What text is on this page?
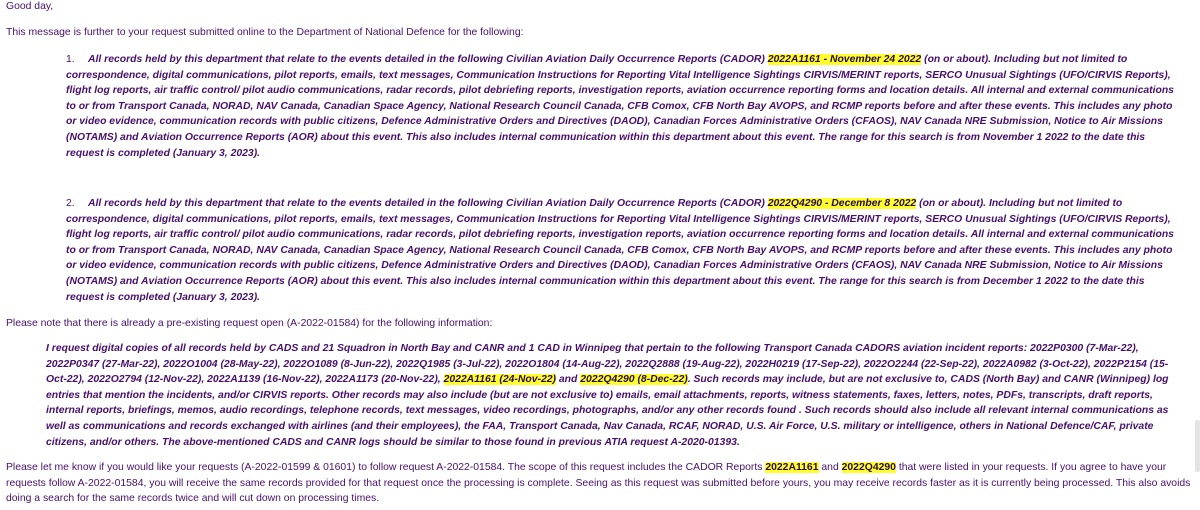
Good day,

This message is further to your request submitted online to the Department of National Defence for the following:

1. All records held by this department that relate to the events detailed in the following Civilian Aviation Daily Occurrence Reports (CADOR) 2022A1161 - November 24 2022 (on or about). Including but not limited to correspondence, digital communications, pilot reports, emails, text messages, Communication Instructions for Reporting Vital Intelligence Sightings CIRVIS/MERINT reports, SERCO Unusual Sightings (UFO/CIRVIS Reports), flight log reports, air traffic control/ pilot audio communications, radar records, pilot debriefing reports, investigation reports, aviation occurrence reporting forms and location details. All internal and external communications to or from Transport Canada, NORAD, NAV Canada, Canadian Space Agency, National Research Council Canada, CFB Comox, CFB North Bay AVOPS, and RCMP reports before and after these events. This includes any photo or video evidence, communication records with public citizens, Defence Administrative Orders and Directives (DAOD), Canadian Forces Administrative Orders (CFAOS), NAV Canada NRE Submission, Notice to Air Missions (NOTAMS) and Aviation Occurrence Reports (AOR) about this event. This also includes internal communication within this department about this event. The range for this search is from November 1 2022 to the date this request is completed (January 3, 2023).

2. All records held by this department that relate to the events detailed in the following Civilian Aviation Daily Occurrence Reports (CADOR) 2022Q4290 - December 8 2022 (on or about). Including but not limited to correspondence, digital communications, pilot reports, emails, text messages, Communication Instructions for Reporting Vital Intelligence Sightings CIRVIS/MERINT reports, SERCO Unusual Sightings (UFO/CIRVIS Reports), flight log reports, air traffic control/ pilot audio communications, radar records, pilot debriefing reports, investigation reports, aviation occurrence reporting forms and location details. All internal and external communications to or from Transport Canada, NORAD, NAV Canada, Canadian Space Agency, National Research Council Canada, CFB Comox, CFB North Bay AVOPS, and RCMP reports before and after these events. This includes any photo or video evidence, communication records with public citizens, Defence Administrative Orders and Directives (DAOD), Canadian Forces Administrative Orders (CFAOS), NAV Canada NRE Submission, Notice to Air Missions (NOTAMS) and Aviation Occurrence Reports (AOR) about this event. This also includes internal communication within this department about this event. The range for this search is from December 1 2022 to the date this request is completed (January 3, 2023).

Please note that there is already a pre-existing request open (A-2022-01584) for the following information:

I request digital copies of all records held by CADS and 21 Squadron in North Bay and CANR and 1 CAD in Winnipeg that pertain to the following Transport Canada CADORS aviation incident reports: 2022P0300 (7-Mar-22), 2022P0347 (27-Mar-22), 2022O1004 (28-May-22), 2022O1089 (8-Jun-22), 2022Q1985 (3-Jul-22), 2022O1804 (14-Aug-22), 2022Q2888 (19-Aug-22), 2022H0219 (17-Sep-22), 2022O2244 (22-Sep-22), 2022A0982 (3-Oct-22), 2022P2154 (15-Oct-22), 2022O2794 (12-Nov-22), 2022A1139 (16-Nov-22), 2022A1173 (20-Nov-22), 2022A1161 (24-Nov-22) and 2022Q4290 (8-Dec-22). Such records may include, but are not exclusive to, CADS (North Bay) and CANR (Winnipeg) log entries that mention the incidents, and/or CIRVIS reports. Other records may also include (but are not exclusive to) emails, email attachments, reports, witness statements, faxes, letters, notes, PDFs, transcripts, draft reports, internal reports, briefings, memos, audio recordings, telephone records, text messages, video recordings, photographs, and/or any other records found . Such records should also include all relevant internal communications as well as communications and records exchanged with airlines (and their employees), the FAA, Transport Canada, Nav Canada, RCAF, NORAD, U.S. Air Force, U.S. military or intelligence, others in National Defence/CAF, private citizens, and/or others. The above-mentioned CADS and CANR logs should be similar to those found in previous ATIA request A-2020-01393.

Please let me know if you would like your requests (A-2022-01599 & 01601) to follow request A-2022-01584. The scope of this request includes the CADOR Reports 2022A1161 and 2022Q4290 that were listed in your requests. If you agree to have your requests follow A-2022-01584, you will receive the same records provided for that request once the processing is complete. Seeing as this request was submitted before yours, you may receive records faster as it is currently being processed. This also avoids doing a search for the same records twice and will cut down on processing times.
